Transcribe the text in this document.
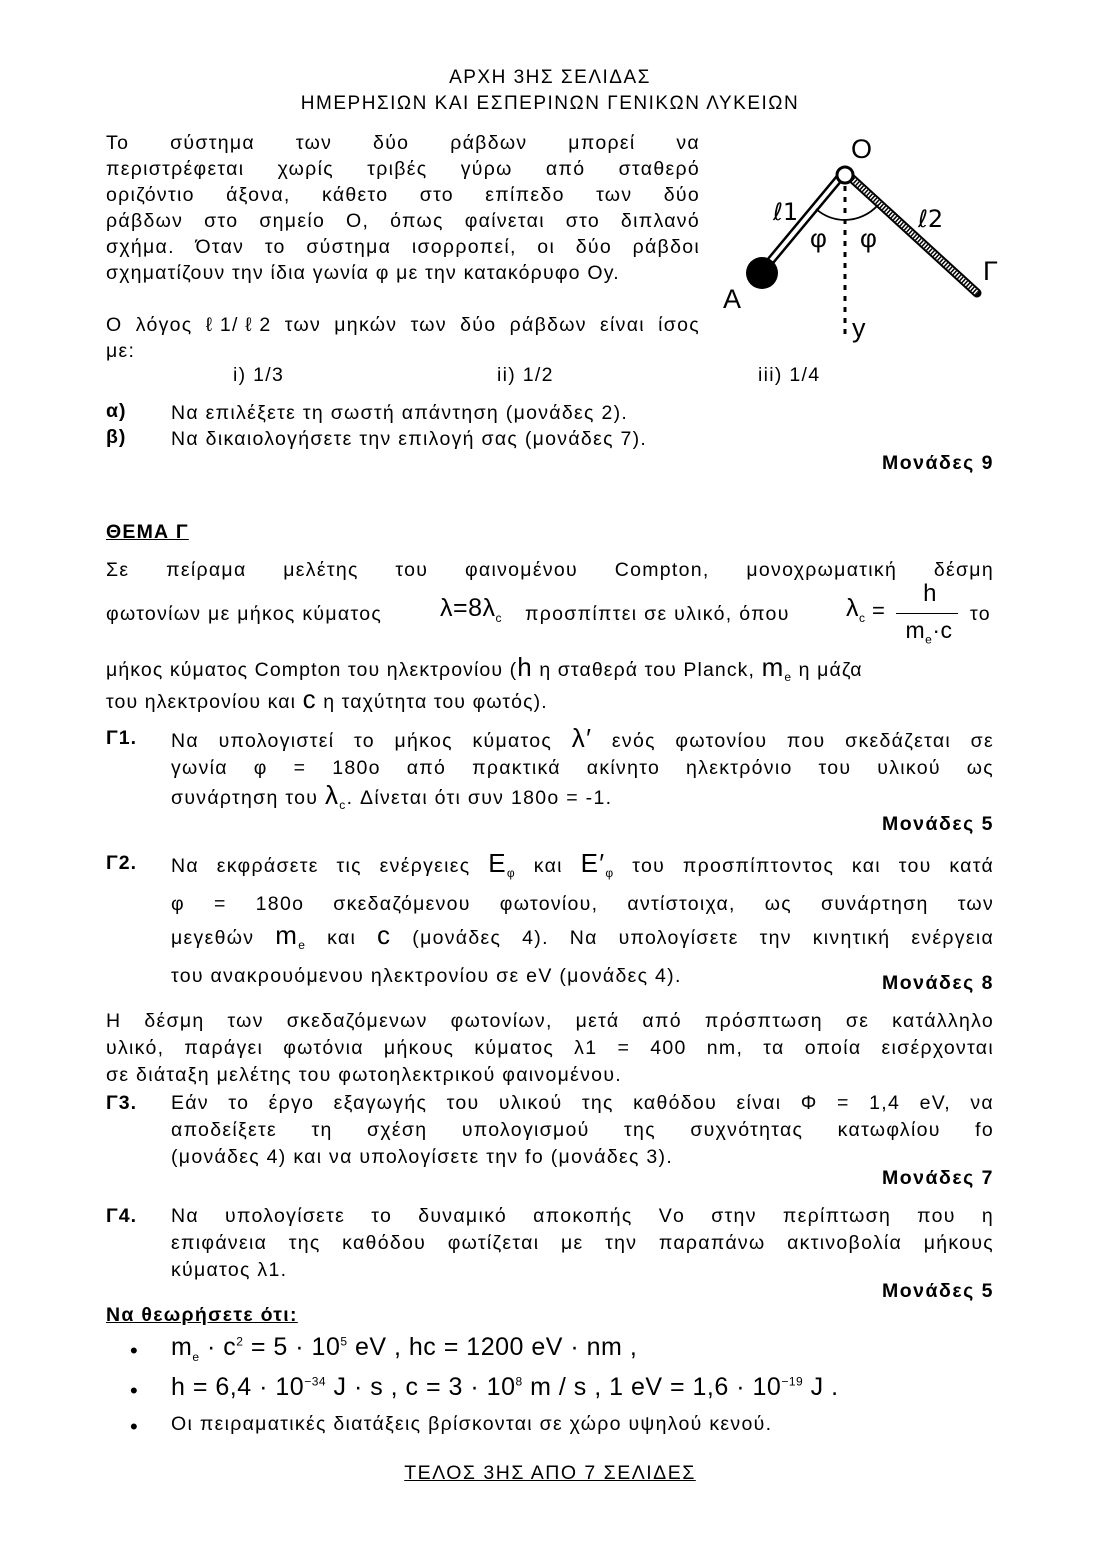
ΑΡΧΗ 3ΗΣ ΣΕΛΙΔΑΣ
ΗΜΕΡΗΣΙΩΝ ΚΑΙ ΕΣΠΕΡΙΝΩΝ ΓΕΝΙΚΩΝ ΛΥΚΕΙΩΝ
Το σύστημα των δύο ράβδων μπορεί να
περιστρέφεται χωρίς τριβές γύρω από σταθερό
οριζόντιο άξονα, κάθετο στο επίπεδο των δύο
ράβδων στο σημείο Ο, όπως φαίνεται στο διπλανό
σχήμα. Όταν το σύστημα ισορροπεί, οι δύο ράβδοι
σχηματίζουν την ίδια γωνία φ με την κατακόρυφο Οy.
Ο λόγος ℓ1/ℓ2 των μηκών των δύο ράβδων είναι ίσος
με:
i) 1/3	ii) 1/2	iii) 1/4
α) Να επιλέξετε τη σωστή απάντηση (μονάδες 2).
β) Να δικαιολογήσετε την επιλογή σας (μονάδες 7).
Μονάδες 9
Ο
Α
Γ
y
ℓ1	ℓ2
φ φ
ΘΕΜΑ Γ
Σε πείραμα μελέτης του φαινομένου Compton, μονοχρωματική δέσμη
φωτονίων με μήκος κύματος $\lambda=8\lambda_c$ προσπίπτει σε υλικό, όπου $\lambda_c$ =
h
$m_e\cdot c$
το
μήκος κύματος Compton του ηλεκτρονίου (h η σταθερά του Planck, $m_e$ η μάζα
του ηλεκτρονίου και c η ταχύτητα του φωτός).
Γ1. Να υπολογιστεί το μήκος κύματος λ′ ενός φωτονίου που σκεδάζεται σε
γωνία φ = 180ο από πρακτικά ακίνητο ηλεκτρόνιο του υλικού ως
συνάρτηση του $\lambda_c$. Δίνεται ότι συν 180ο = -1.
Μονάδες 5
Γ2. Να εκφράσετε τις ενέργειες $E_\varphi$ και $E'_\varphi$ του προσπίπτοντος και του κατά
φ = 180ο σκεδαζόμενου φωτονίου, αντίστοιχα, ως συνάρτηση των
μεγεθών $m_e$ και c (μονάδες 4). Να υπολογίσετε την κινητική ενέργεια
του ανακρουόμενου ηλεκτρονίου σε eV (μονάδες 4).	Μονάδες 8
Η δέσμη των σκεδαζόμενων φωτονίων, μετά από πρόσπτωση σε κατάλληλο
υλικό, παράγει φωτόνια μήκους κύματος λ1 = 400 nm, τα οποία εισέρχονται
σε διάταξη μελέτης του φωτοηλεκτρικού φαινομένου.
Γ3. Εάν το έργο εξαγωγής του υλικού της καθόδου είναι Φ = 1,4 eV, να
αποδείξετε τη σχέση υπολογισμού της συχνότητας κατωφλίου fο
(μονάδες 4) και να υπολογίσετε την fο (μονάδες 3).
Μονάδες 7
Γ4. Να υπολογίσετε το δυναμικό αποκοπής Vο στην περίπτωση που η
επιφάνεια της καθόδου φωτίζεται με την παραπάνω ακτινοβολία μήκους
κύματος λ1.
Μονάδες 5
Να θεωρήσετε ότι:
• $m_e \cdot c^2 = 5 \cdot 10^5$ eV , hc = 1200 eV · nm ,
• $h = 6,4 \cdot 10^{-34}$ J · s , $c = 3 \cdot 10^8$ m / s , 1 eV = $1,6 \cdot 10^{-19}$ J .
• Οι πειραματικές διατάξεις βρίσκονται σε χώρο υψηλού κενού.
ΤΕΛΟΣ 3ΗΣ ΑΠΟ 7 ΣΕΛΙΔΕΣ
